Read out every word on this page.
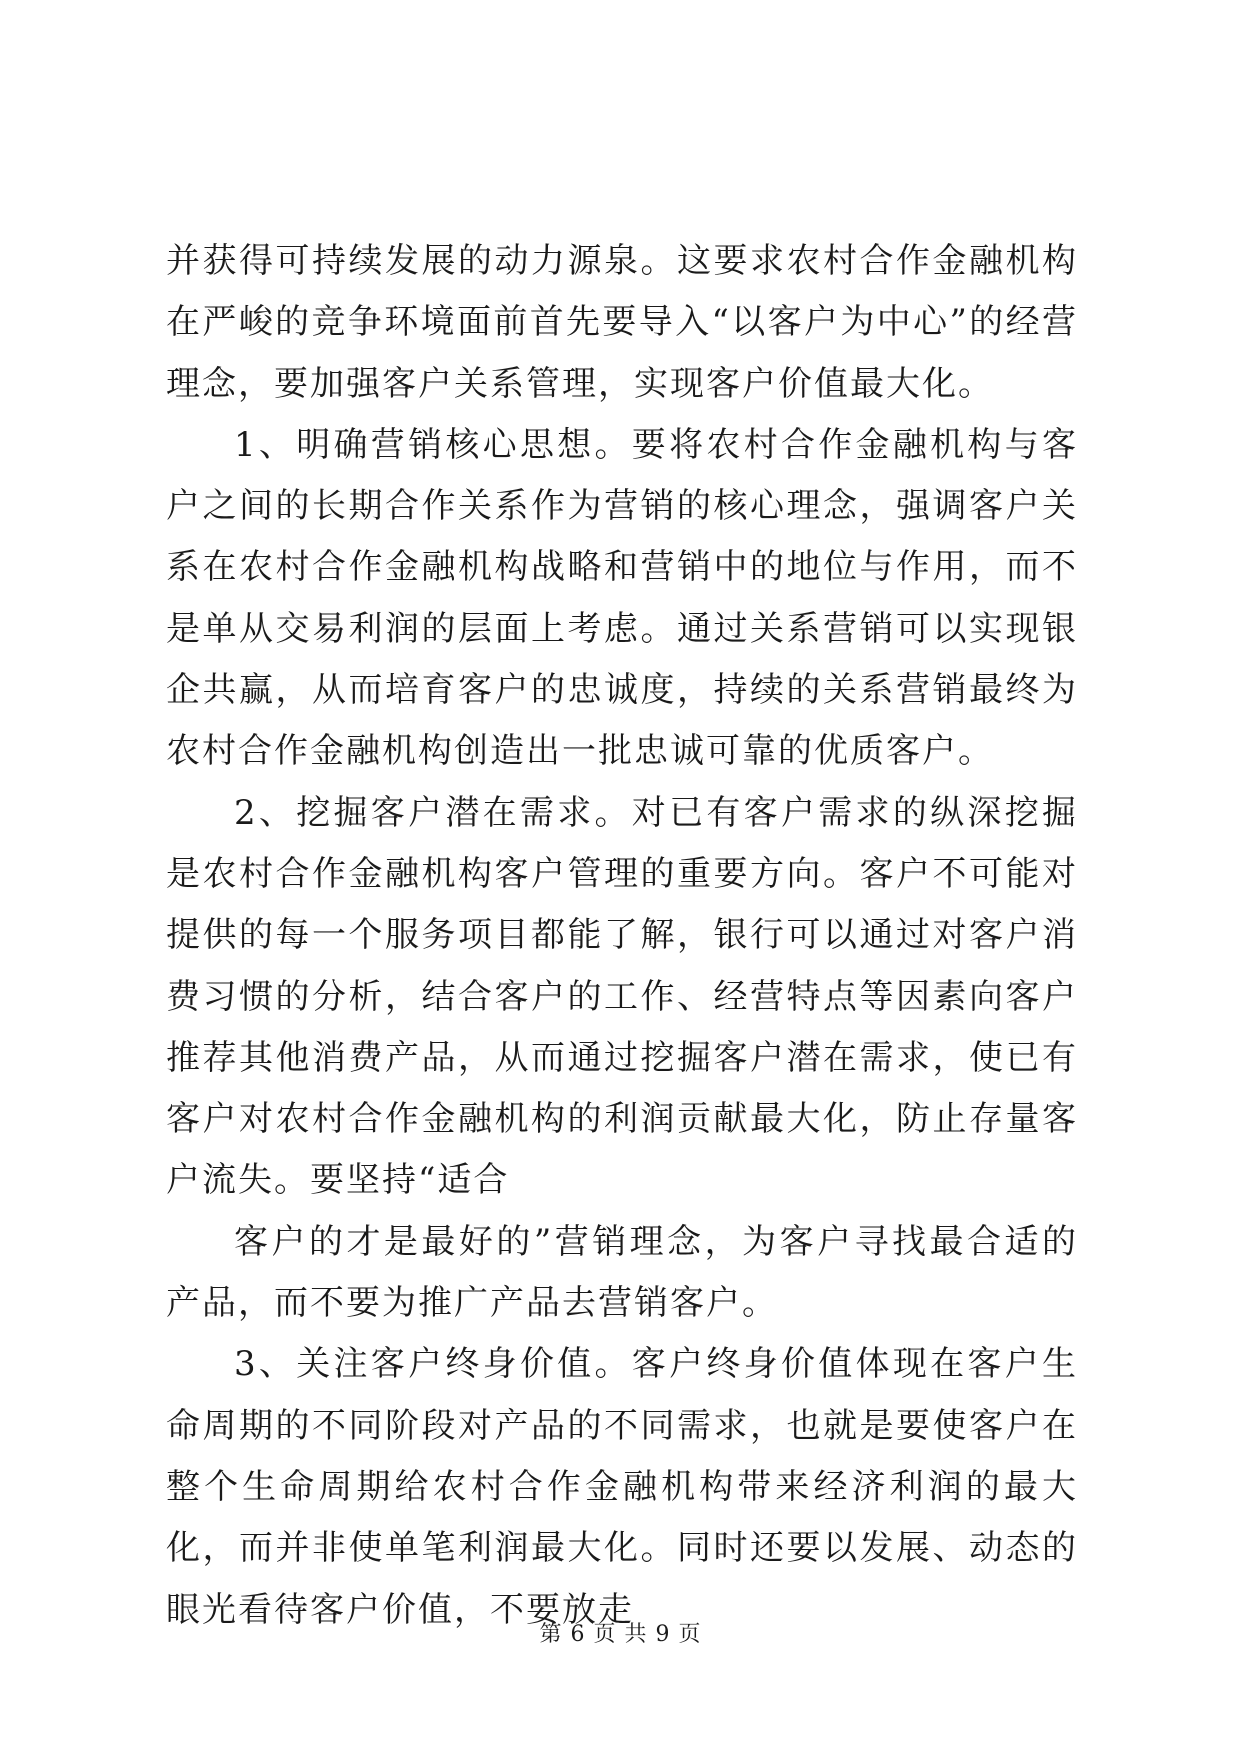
并获得可持续发展的动力源泉。这要求农村合作金融机构在严峻的竞争环境面前首先要导入“以客户为中心”的经营理念，要加强客户关系管理，实现客户价值最大化。

1、明确营销核心思想。要将农村合作金融机构与客户之间的长期合作关系作为营销的核心理念，强调客户关系在农村合作金融机构战略和营销中的地位与作用，而不是单从交易利润的层面上考虑。通过关系营销可以实现银企共赢，从而培育客户的忠诚度，持续的关系营销最终为农村合作金融机构创造出一批忠诚可靠的优质客户。

2、挖掘客户潜在需求。对已有客户需求的纵深挖掘是农村合作金融机构客户管理的重要方向。客户不可能对提供的每一个服务项目都能了解，银行可以通过对客户消费习惯的分析，结合客户的工作、经营特点等因素向客户推荐其他消费产品，从而通过挖掘客户潜在需求，使已有客户对农村合作金融机构的利润贡献最大化，防止存量客户流失。要坚持“适合

客户的才是最好的”营销理念，为客户寻找最合适的产品，而不要为推广产品去营销客户。

3、关注客户终身价值。客户终身价值体现在客户生命周期的不同阶段对产品的不同需求，也就是要使客户在整个生命周期给农村合作金融机构带来经济利润的最大化，而并非使单笔利润最大化。同时还要以发展、动态的眼光看待客户价值，不要放走

第 6 页 共 9 页
